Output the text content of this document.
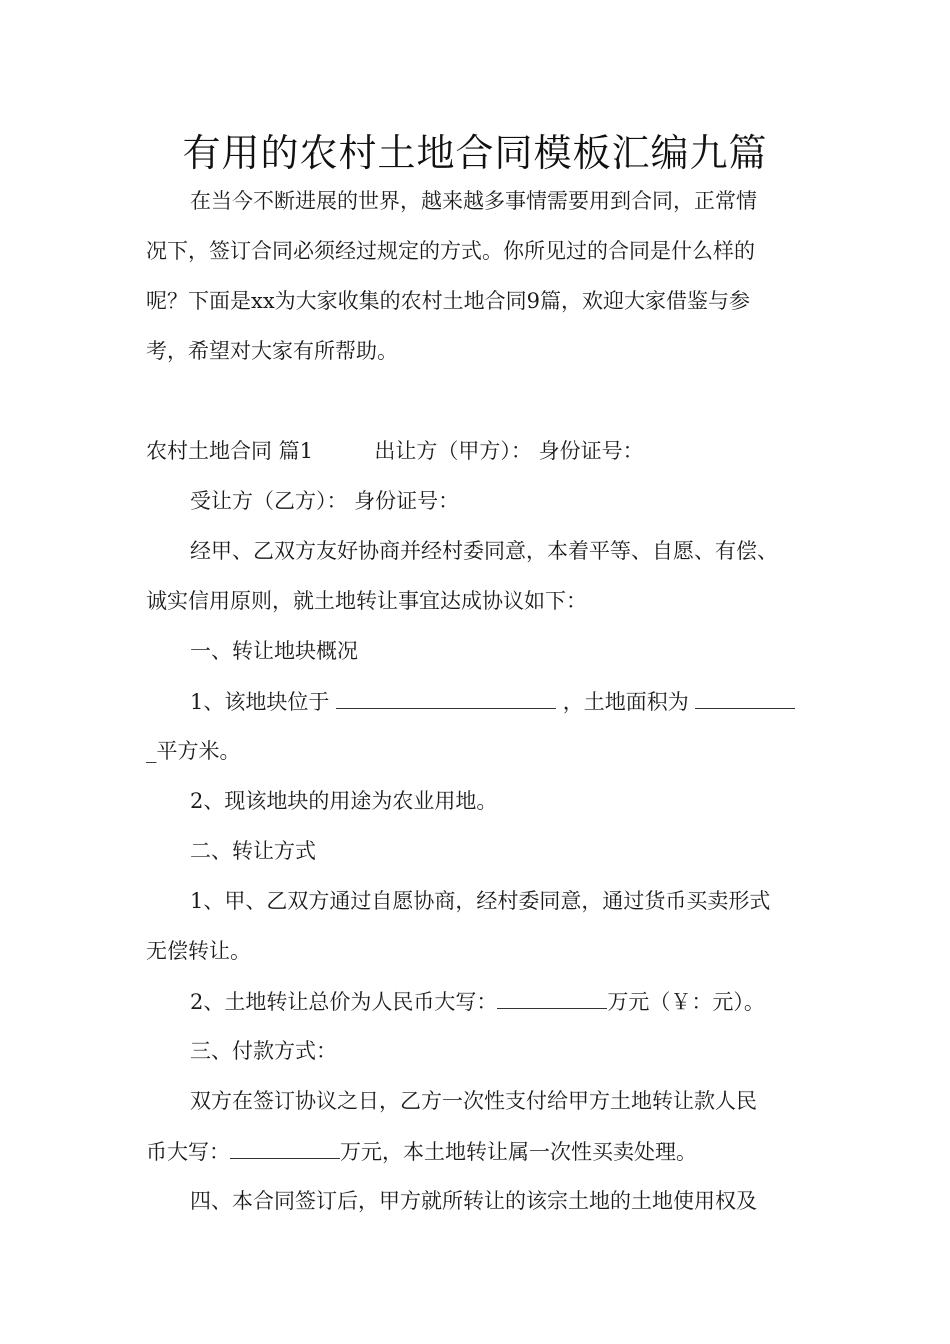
有用的农村土地合同模板汇编九篇
在当今不断进展的世界，越来越多事情需要用到合同，正常情
况下，签订合同必须经过规定的方式。你所见过的合同是什么样的
呢？下面是xx为大家收集的农村土地合同9篇，欢迎大家借鉴与参
考，希望对大家有所帮助。
农村土地合同 篇1	出让方（甲方）： 身份证号：
受让方（乙方）： 身份证号：
经甲、乙双方友好协商并经村委同意，本着平等、自愿、有偿、
诚实信用原则，就土地转让事宜达成协议如下：
一、转让地块概况
1、该地块位于	，土地面积为
_平方米。
2、现该地块的用途为农业用地。
二、转让方式
1、甲、乙双方通过自愿协商，经村委同意，通过货币买卖形式
无偿转让。
2、土地转让总价为人民币大写：	万元（￥：元）。
三、付款方式：
双方在签订协议之日，乙方一次性支付给甲方土地转让款人民
币大写：	万元，本土地转让属一次性买卖处理。
四、本合同签订后，甲方就所转让的该宗土地的土地使用权及
